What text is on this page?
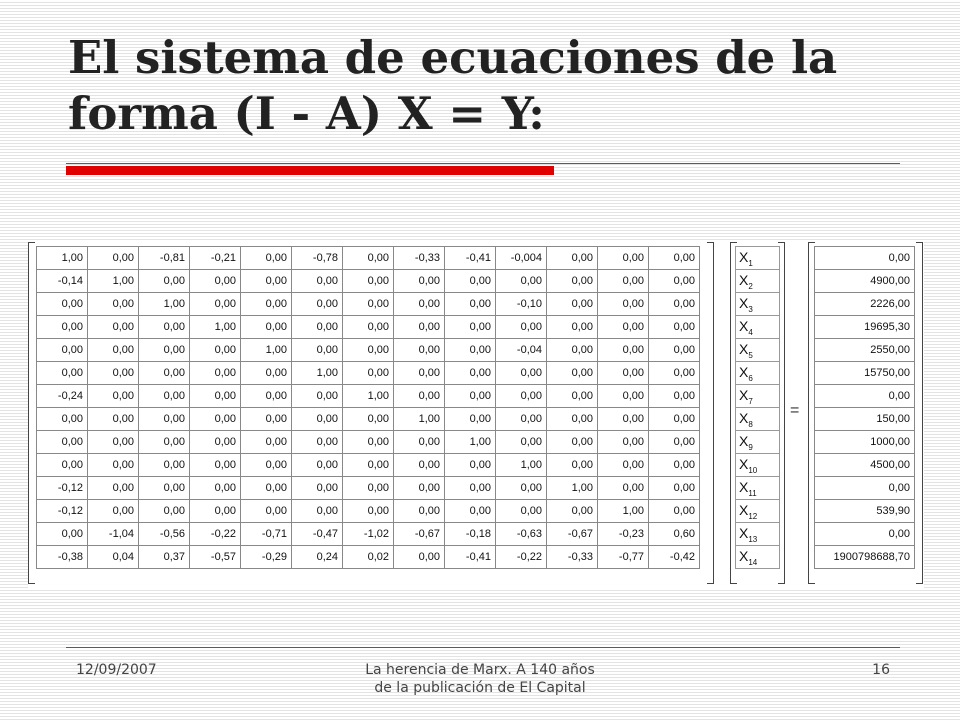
El sistema de ecuaciones de la forma (I - A) X = Y:
1,00	0,00	-0,81	-0,21	0,00	-0,78	0,00	-0,33	-0,41	-0,004	0,00	0,00	0,00
-0,14	1,00	0,00	0,00	0,00	0,00	0,00	0,00	0,00	0,00	0,00	0,00	0,00
0,00	0,00	1,00	0,00	0,00	0,00	0,00	0,00	0,00	-0,10	0,00	0,00	0,00
0,00	0,00	0,00	1,00	0,00	0,00	0,00	0,00	0,00	0,00	0,00	0,00	0,00
0,00	0,00	0,00	0,00	1,00	0,00	0,00	0,00	0,00	-0,04	0,00	0,00	0,00
0,00	0,00	0,00	0,00	0,00	1,00	0,00	0,00	0,00	0,00	0,00	0,00	0,00
-0,24	0,00	0,00	0,00	0,00	0,00	1,00	0,00	0,00	0,00	0,00	0,00	0,00
0,00	0,00	0,00	0,00	0,00	0,00	0,00	1,00	0,00	0,00	0,00	0,00	0,00
0,00	0,00	0,00	0,00	0,00	0,00	0,00	0,00	1,00	0,00	0,00	0,00	0,00
0,00	0,00	0,00	0,00	0,00	0,00	0,00	0,00	0,00	1,00	0,00	0,00	0,00
-0,12	0,00	0,00	0,00	0,00	0,00	0,00	0,00	0,00	0,00	1,00	0,00	0,00
-0,12	0,00	0,00	0,00	0,00	0,00	0,00	0,00	0,00	0,00	0,00	1,00	0,00
0,00	-1,04	-0,56	-0,22	-0,71	-0,47	-1,02	-0,67	-0,18	-0,63	-0,67	-0,23	0,60
-0,38	0,04	0,37	-0,57	-0,29	0,24	0,02	0,00	-0,41	-0,22	-0,33	-0,77	-0,42
$X_1$
$X_2$
$X_3$
$X_4$
$X_5$
$X_6$
$X_7$
$X_8$
$X_9$
$X_{10}$
$X_{11}$
$X_{12}$
$X_{13}$
$X_{14}$
=
0,00
4900,00
2226,00
19695,30
2550,00
15750,00
0,00
150,00
1000,00
4500,00
0,00
539,90
0,00
1900798688,70
12/09/2007	La herencia de Marx. A 140 años
de la publicación de El Capital
16
